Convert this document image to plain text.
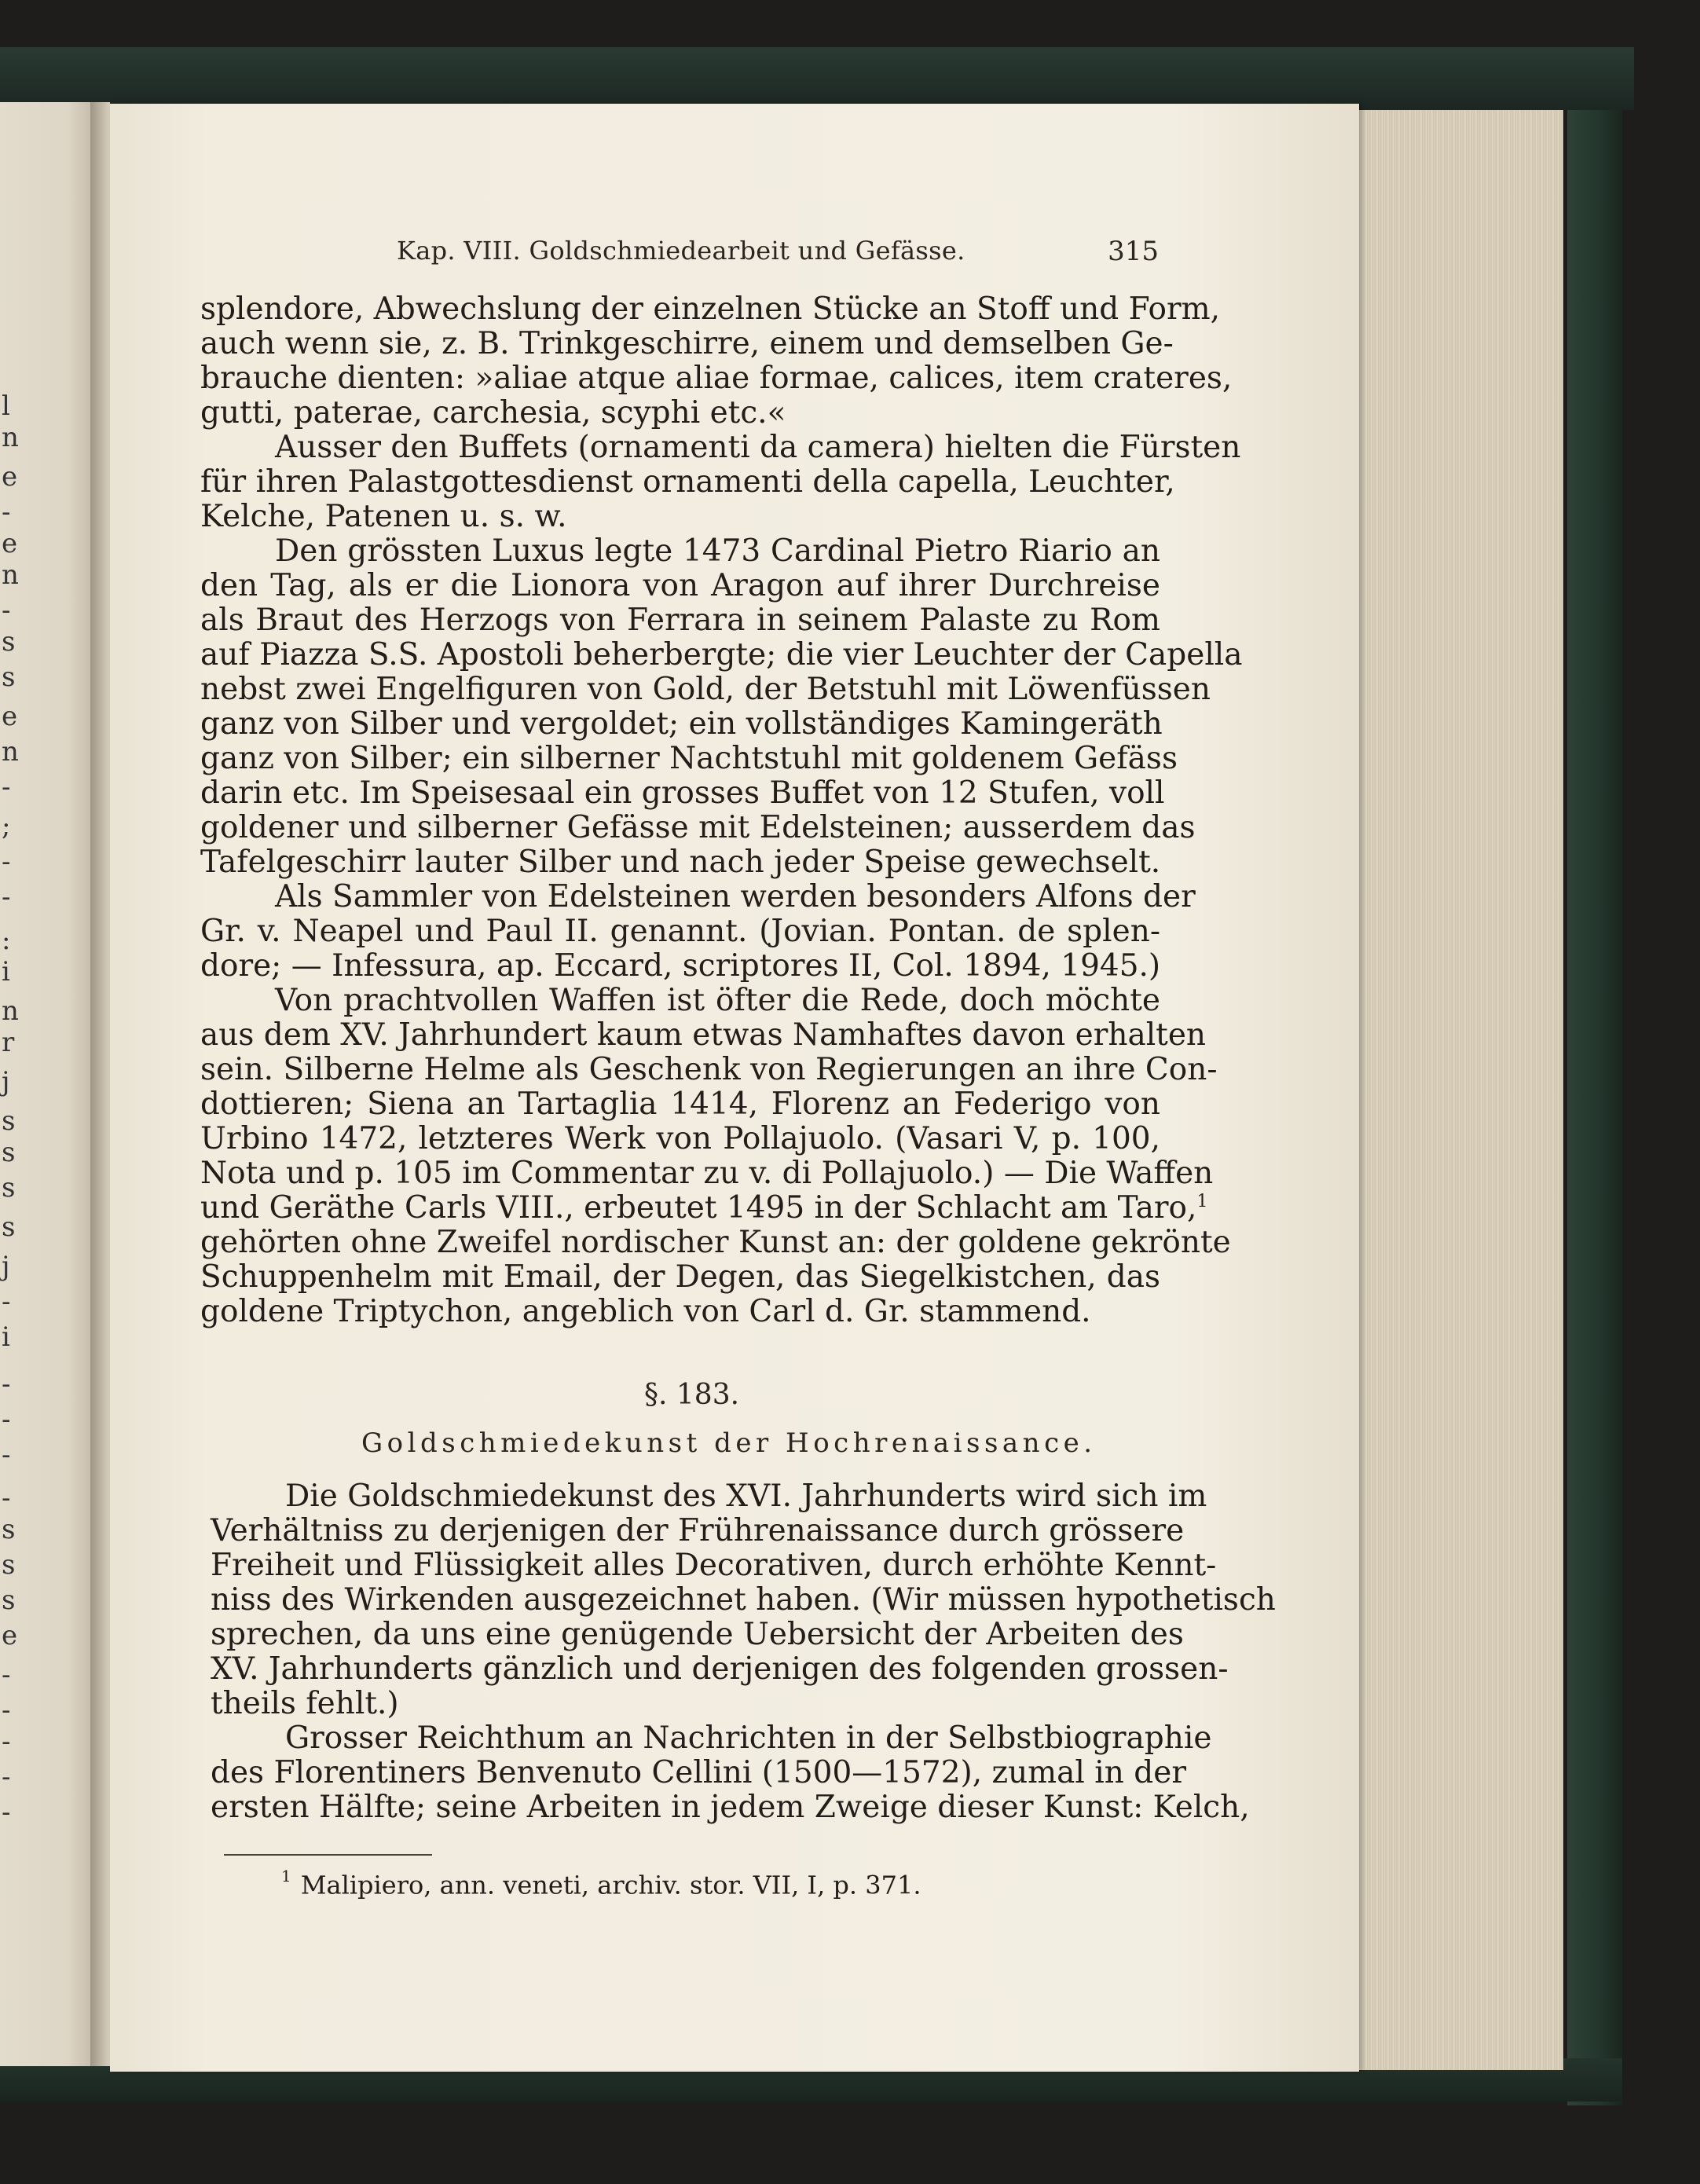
l
n
e
-
e
n
-
s
s
e
n
-
;
-
-
:
i
n
r
j
s
s
s
s
j
-
i
-
-
-
-
s
s
s
e
-
-
-
-
-
Kap. VIII. Goldschmiedearbeit und Gefässe.	315
splendore, Abwechslung der einzelnen Stücke an Stoff und Form,
auch wenn sie, z. B. Trinkgeschirre, einem und demselben Ge-
brauche dienten: »aliae atque aliae formae, calices, item crateres,
gutti, paterae, carchesia, scyphi etc.«
Ausser den Buffets (ornamenti da camera) hielten die Fürsten
für ihren Palastgottesdienst ornamenti della capella, Leuchter,
Kelche, Patenen u. s. w.
Den grössten Luxus legte 1473 Cardinal Pietro Riario an
den Tag, als er die Lionora von Aragon auf ihrer Durchreise
als Braut des Herzogs von Ferrara in seinem Palaste zu Rom
auf Piazza S.S. Apostoli beherbergte; die vier Leuchter der Capella
nebst zwei Engelfiguren von Gold, der Betstuhl mit Löwenfüssen
ganz von Silber und vergoldet; ein vollständiges Kamingeräth
ganz von Silber; ein silberner Nachtstuhl mit goldenem Gefäss
darin etc. Im Speisesaal ein grosses Buffet von 12 Stufen, voll
goldener und silberner Gefässe mit Edelsteinen; ausserdem das
Tafelgeschirr lauter Silber und nach jeder Speise gewechselt.
Als Sammler von Edelsteinen werden besonders Alfons der
Gr. v. Neapel und Paul II. genannt. (Jovian. Pontan. de splen-
dore; — Infessura, ap. Eccard, scriptores II, Col. 1894, 1945.)
Von prachtvollen Waffen ist öfter die Rede, doch möchte
aus dem XV. Jahrhundert kaum etwas Namhaftes davon erhalten
sein. Silberne Helme als Geschenk von Regierungen an ihre Con-
dottieren; Siena an Tartaglia 1414, Florenz an Federigo von
Urbino 1472, letzteres Werk von Pollajuolo. (Vasari V, p. 100,
Nota und p. 105 im Commentar zu v. di Pollajuolo.) — Die Waffen
und Geräthe Carls VIII., erbeutet 1495 in der Schlacht am Taro,$^1$
gehörten ohne Zweifel nordischer Kunst an: der goldene gekrönte
Schuppenhelm mit Email, der Degen, das Siegelkistchen, das
goldene Triptychon, angeblich von Carl d. Gr. stammend.
§. 183.
Goldschmiedekunst der Hochrenaissance.
Die Goldschmiedekunst des XVI. Jahrhunderts wird sich im
Verhältniss zu derjenigen der Frührenaissance durch grössere
Freiheit und Flüssigkeit alles Decorativen, durch erhöhte Kennt-
niss des Wirkenden ausgezeichnet haben. (Wir müssen hypothetisch
sprechen, da uns eine genügende Uebersicht der Arbeiten des
XV. Jahrhunderts gänzlich und derjenigen des folgenden grossen-
theils fehlt.)
Grosser Reichthum an Nachrichten in der Selbstbiographie
des Florentiners Benvenuto Cellini (1500—1572), zumal in der
ersten Hälfte; seine Arbeiten in jedem Zweige dieser Kunst: Kelch,
$^1$ Malipiero, ann. veneti, archiv. stor. VII, I, p. 371.
